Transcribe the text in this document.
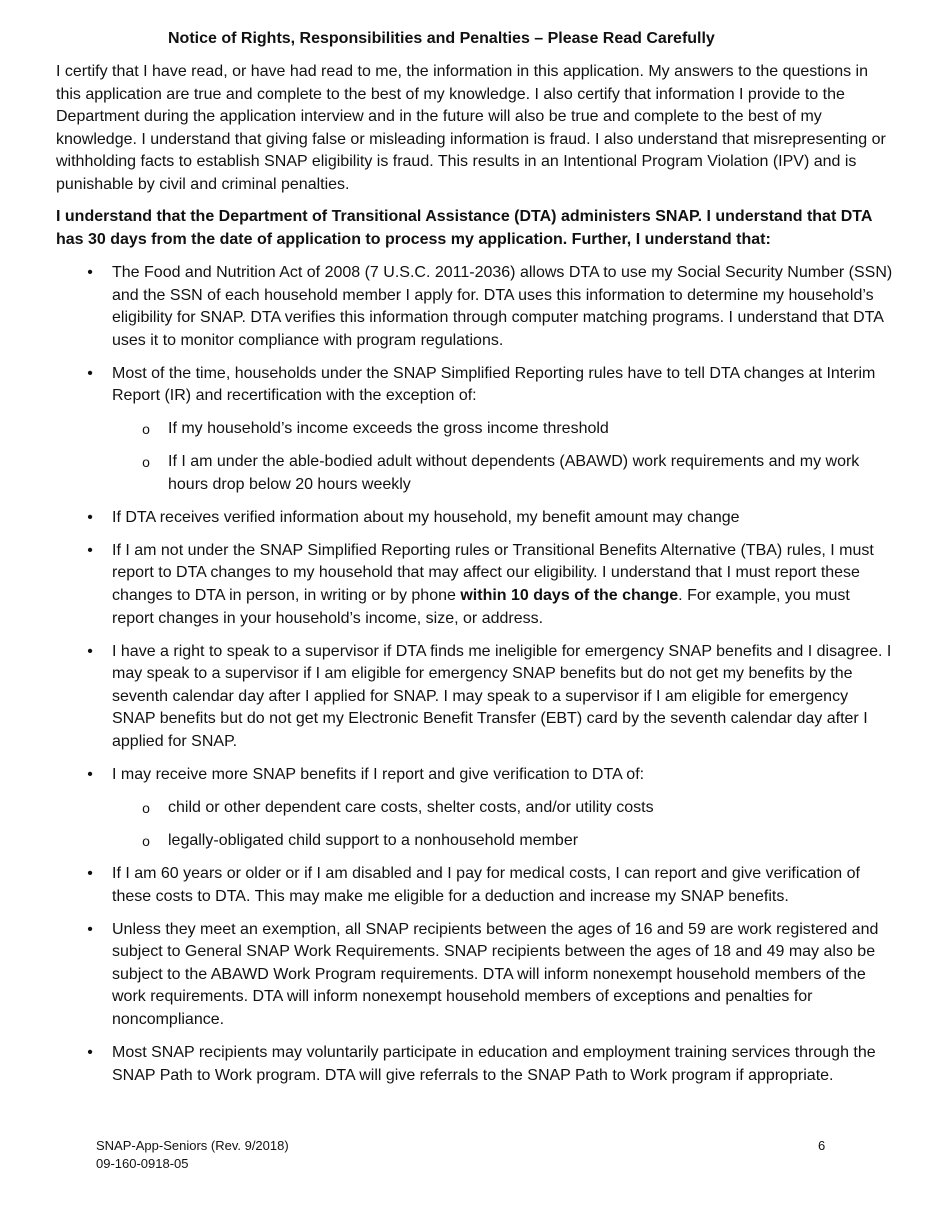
Notice of Rights, Responsibilities and Penalties – Please Read Carefully
I certify that I have read, or have had read to me, the information in this application. My answers to the questions in this application are true and complete to the best of my knowledge. I also certify that information I provide to the Department during the application interview and in the future will also be true and complete to the best of my knowledge. I understand that giving false or misleading information is fraud. I also understand that misrepresenting or withholding facts to establish SNAP eligibility is fraud. This results in an Intentional Program Violation (IPV) and is punishable by civil and criminal penalties.
I understand that the Department of Transitional Assistance (DTA) administers SNAP. I understand that DTA has 30 days from the date of application to process my application. Further, I understand that:
• The Food and Nutrition Act of 2008 (7 U.S.C. 2011-2036) allows DTA to use my Social Security Number (SSN) and the SSN of each household member I apply for. DTA uses this information to determine my household’s eligibility for SNAP. DTA verifies this information through computer matching programs. I understand that DTA uses it to monitor compliance with program regulations.
• Most of the time, households under the SNAP Simplified Reporting rules have to tell DTA changes at Interim Report (IR) and recertification with the exception of:
o If my household’s income exceeds the gross income threshold
o If I am under the able-bodied adult without dependents (ABAWD) work requirements and my work hours drop below 20 hours weekly
• If DTA receives verified information about my household, my benefit amount may change
• If I am not under the SNAP Simplified Reporting rules or Transitional Benefits Alternative (TBA) rules, I must report to DTA changes to my household that may affect our eligibility. I understand that I must report these changes to DTA in person, in writing or by phone within 10 days of the change. For example, you must report changes in your household’s income, size, or address.
• I have a right to speak to a supervisor if DTA finds me ineligible for emergency SNAP benefits and I disagree. I may speak to a supervisor if I am eligible for emergency SNAP benefits but do not get my benefits by the seventh calendar day after I applied for SNAP. I may speak to a supervisor if I am eligible for emergency SNAP benefits but do not get my Electronic Benefit Transfer (EBT) card by the seventh calendar day after I applied for SNAP.
• I may receive more SNAP benefits if I report and give verification to DTA of:
o child or other dependent care costs, shelter costs, and/or utility costs
o legally-obligated child support to a nonhousehold member
• If I am 60 years or older or if I am disabled and I pay for medical costs, I can report and give verification of these costs to DTA. This may make me eligible for a deduction and increase my SNAP benefits.
• Unless they meet an exemption, all SNAP recipients between the ages of 16 and 59 are work registered and subject to General SNAP Work Requirements. SNAP recipients between the ages of 18 and 49 may also be subject to the ABAWD Work Program requirements. DTA will inform nonexempt household members of the work requirements. DTA will inform nonexempt household members of exceptions and penalties for noncompliance.
• Most SNAP recipients may voluntarily participate in education and employment training services through the SNAP Path to Work program. DTA will give referrals to the SNAP Path to Work program if appropriate.
SNAP-App-Seniors (Rev. 9/2018)
09-160-0918-05
6
